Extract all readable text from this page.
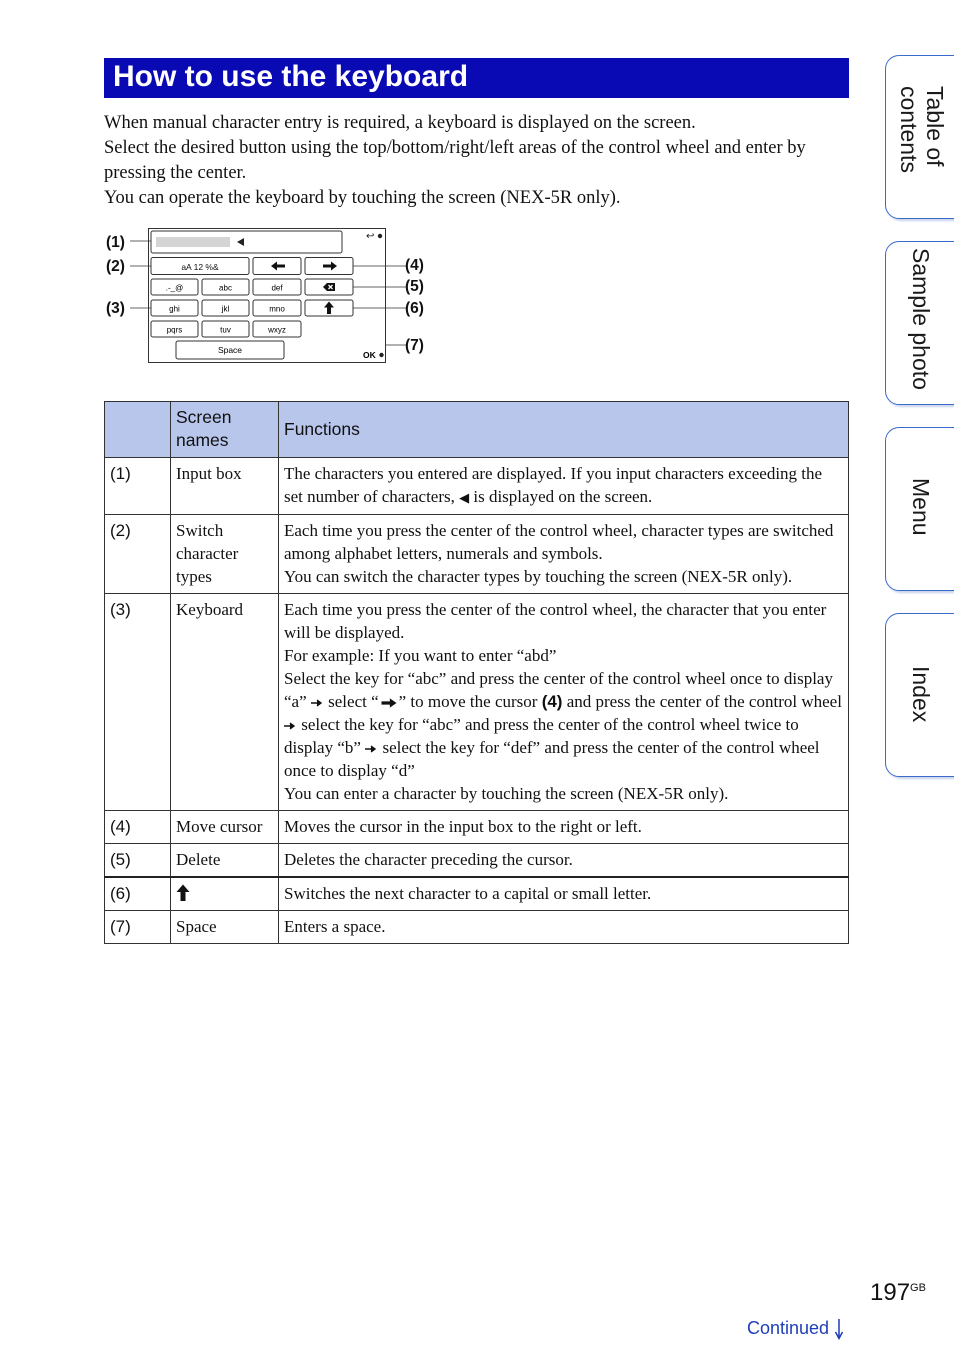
How to use the keyboard

When manual character entry is required, a keyboard is displayed on the screen.

Select the desired button using the top/bottom/right/left areas of the control wheel and enter by pressing the center.

You can operate the keyboard by touching the screen (NEX-5R only).

↩
aA 12 %&
.-_@	abc	def
ghi	jkl	mno
pqrs	tuv	wxyz
Space	OK
(1)
(2)
(3)
(4)
(5)
(6)
(7)
	Screen names	Functions
(1)	Input box	The characters you entered are displayed. If you input characters exceeding the set number of characters, ◀ is displayed on the screen.
(2)	Switch character types	Each time you press the center of the control wheel, character types are switched among alphabet letters, numerals and symbols.
You can switch the character types by touching the screen (NEX-5R only).

(3)	Keyboard	Each time you press the center of the control wheel, the character that you enter will be displayed.
For example: If you want to enter “abd”
Select the key for “abc” and press the center of the control wheel once to display “a”  select “ ” to move the cursor (4) and press the center of the control wheel  select the key for “abc” and press the center of the control wheel twice to display “b”  select the key for “def” and press the center of the control wheel once to display “d”
You can enter a character by touching the screen (NEX-5R only).

(4)	Move cursor	Moves the cursor in the input box to the right or left.
(5)	Delete	Deletes the character preceding the cursor.
(6)		Switches the next character to a capital or small letter.
(7)	Space	Enters a space.
Table of contents
Sample photo
Menu
Index
$197^{GB}$
Continued
